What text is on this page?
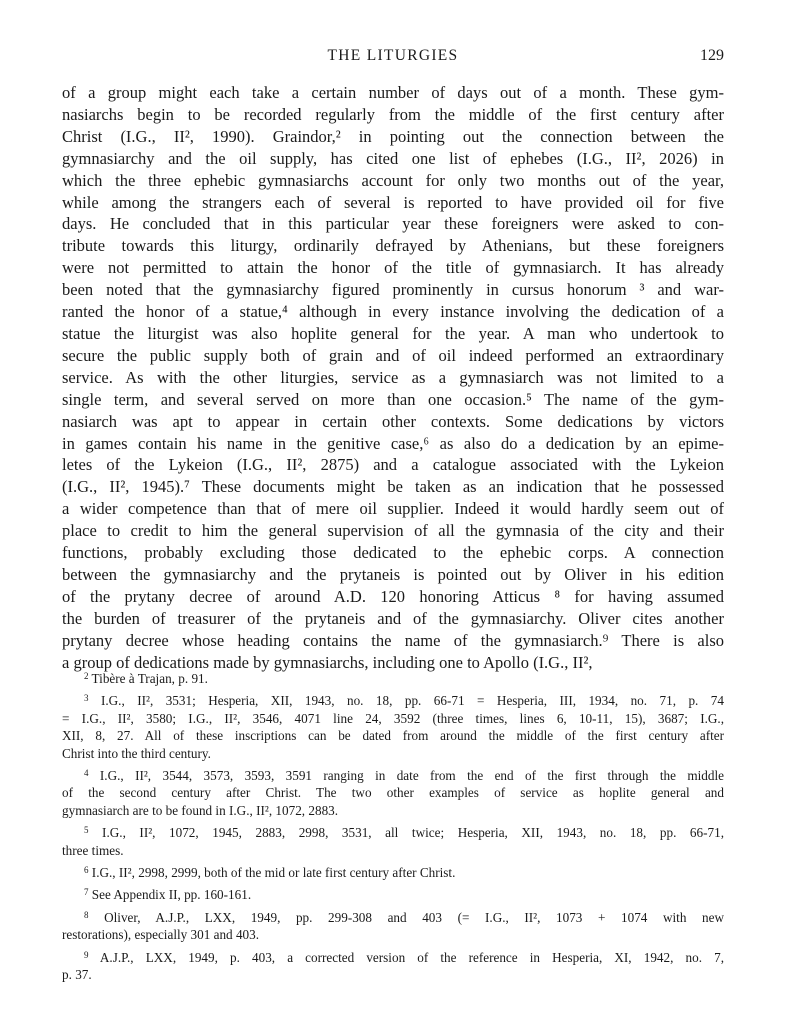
THE LITURGIES	129
of a group might each take a certain number of days out of a month. These gym-
nasiarchs begin to be recorded regularly from the middle of the first century after
Christ (I.G., II², 1990). Graindor,² in pointing out the connection between the
gymnasiarchy and the oil supply, has cited one list of ephebes (I.G., II², 2026) in
which the three ephebic gymnasiarchs account for only two months out of the year,
while among the strangers each of several is reported to have provided oil for five
days. He concluded that in this particular year these foreigners were asked to con-
tribute towards this liturgy, ordinarily defrayed by Athenians, but these foreigners
were not permitted to attain the honor of the title of gymnasiarch. It has already
been noted that the gymnasiarchy figured prominently in cursus honorum ³ and war-
ranted the honor of a statue,⁴ although in every instance involving the dedication of a
statue the liturgist was also hoplite general for the year. A man who undertook to
secure the public supply both of grain and of oil indeed performed an extraordinary
service. As with the other liturgies, service as a gymnasiarch was not limited to a
single term, and several served on more than one occasion.⁵ The name of the gym-
nasiarch was apt to appear in certain other contexts. Some dedications by victors
in games contain his name in the genitive case,⁶ as also do a dedication by an epime-
letes of the Lykeion (I.G., II², 2875) and a catalogue associated with the Lykeion
(I.G., II², 1945).⁷ These documents might be taken as an indication that he possessed
a wider competence than that of mere oil supplier. Indeed it would hardly seem out of
place to credit to him the general supervision of all the gymnasia of the city and their
functions, probably excluding those dedicated to the ephebic corps. A connection
between the gymnasiarchy and the prytaneis is pointed out by Oliver in his edition
of the prytany decree of around A.D. 120 honoring Atticus ⁸ for having assumed
the burden of treasurer of the prytaneis and of the gymnasiarchy. Oliver cites another
prytany decree whose heading contains the name of the gymnasiarch.⁹ There is also
a group of dedications made by gymnasiarchs, including one to Apollo (I.G., II²,
$^2$ Tibère à Trajan, p. 91.
$^3$ I.G., II², 3531; Hesperia, XII, 1943, no. 18, pp. 66-71 = Hesperia, III, 1934, no. 71, p. 74
= I.G., II², 3580; I.G., II², 3546, 4071 line 24, 3592 (three times, lines 6, 10-11, 15), 3687; I.G.,
XII, 8, 27. All of these inscriptions can be dated from around the middle of the first century after
Christ into the third century.
$^4$ I.G., II², 3544, 3573, 3593, 3591 ranging in date from the end of the first through the middle
of the second century after Christ. The two other examples of service as hoplite general and
gymnasiarch are to be found in I.G., II², 1072, 2883.
$^5$ I.G., II², 1072, 1945, 2883, 2998, 3531, all twice; Hesperia, XII, 1943, no. 18, pp. 66-71,
three times.
$^6$ I.G., II², 2998, 2999, both of the mid or late first century after Christ.
$^7$ See Appendix II, pp. 160-161.
$^8$ Oliver, A.J.P., LXX, 1949, pp. 299-308 and 403 (= I.G., II², 1073 + 1074 with new
restorations), especially 301 and 403.
$^9$ A.J.P., LXX, 1949, p. 403, a corrected version of the reference in Hesperia, XI, 1942, no. 7,
p. 37.
